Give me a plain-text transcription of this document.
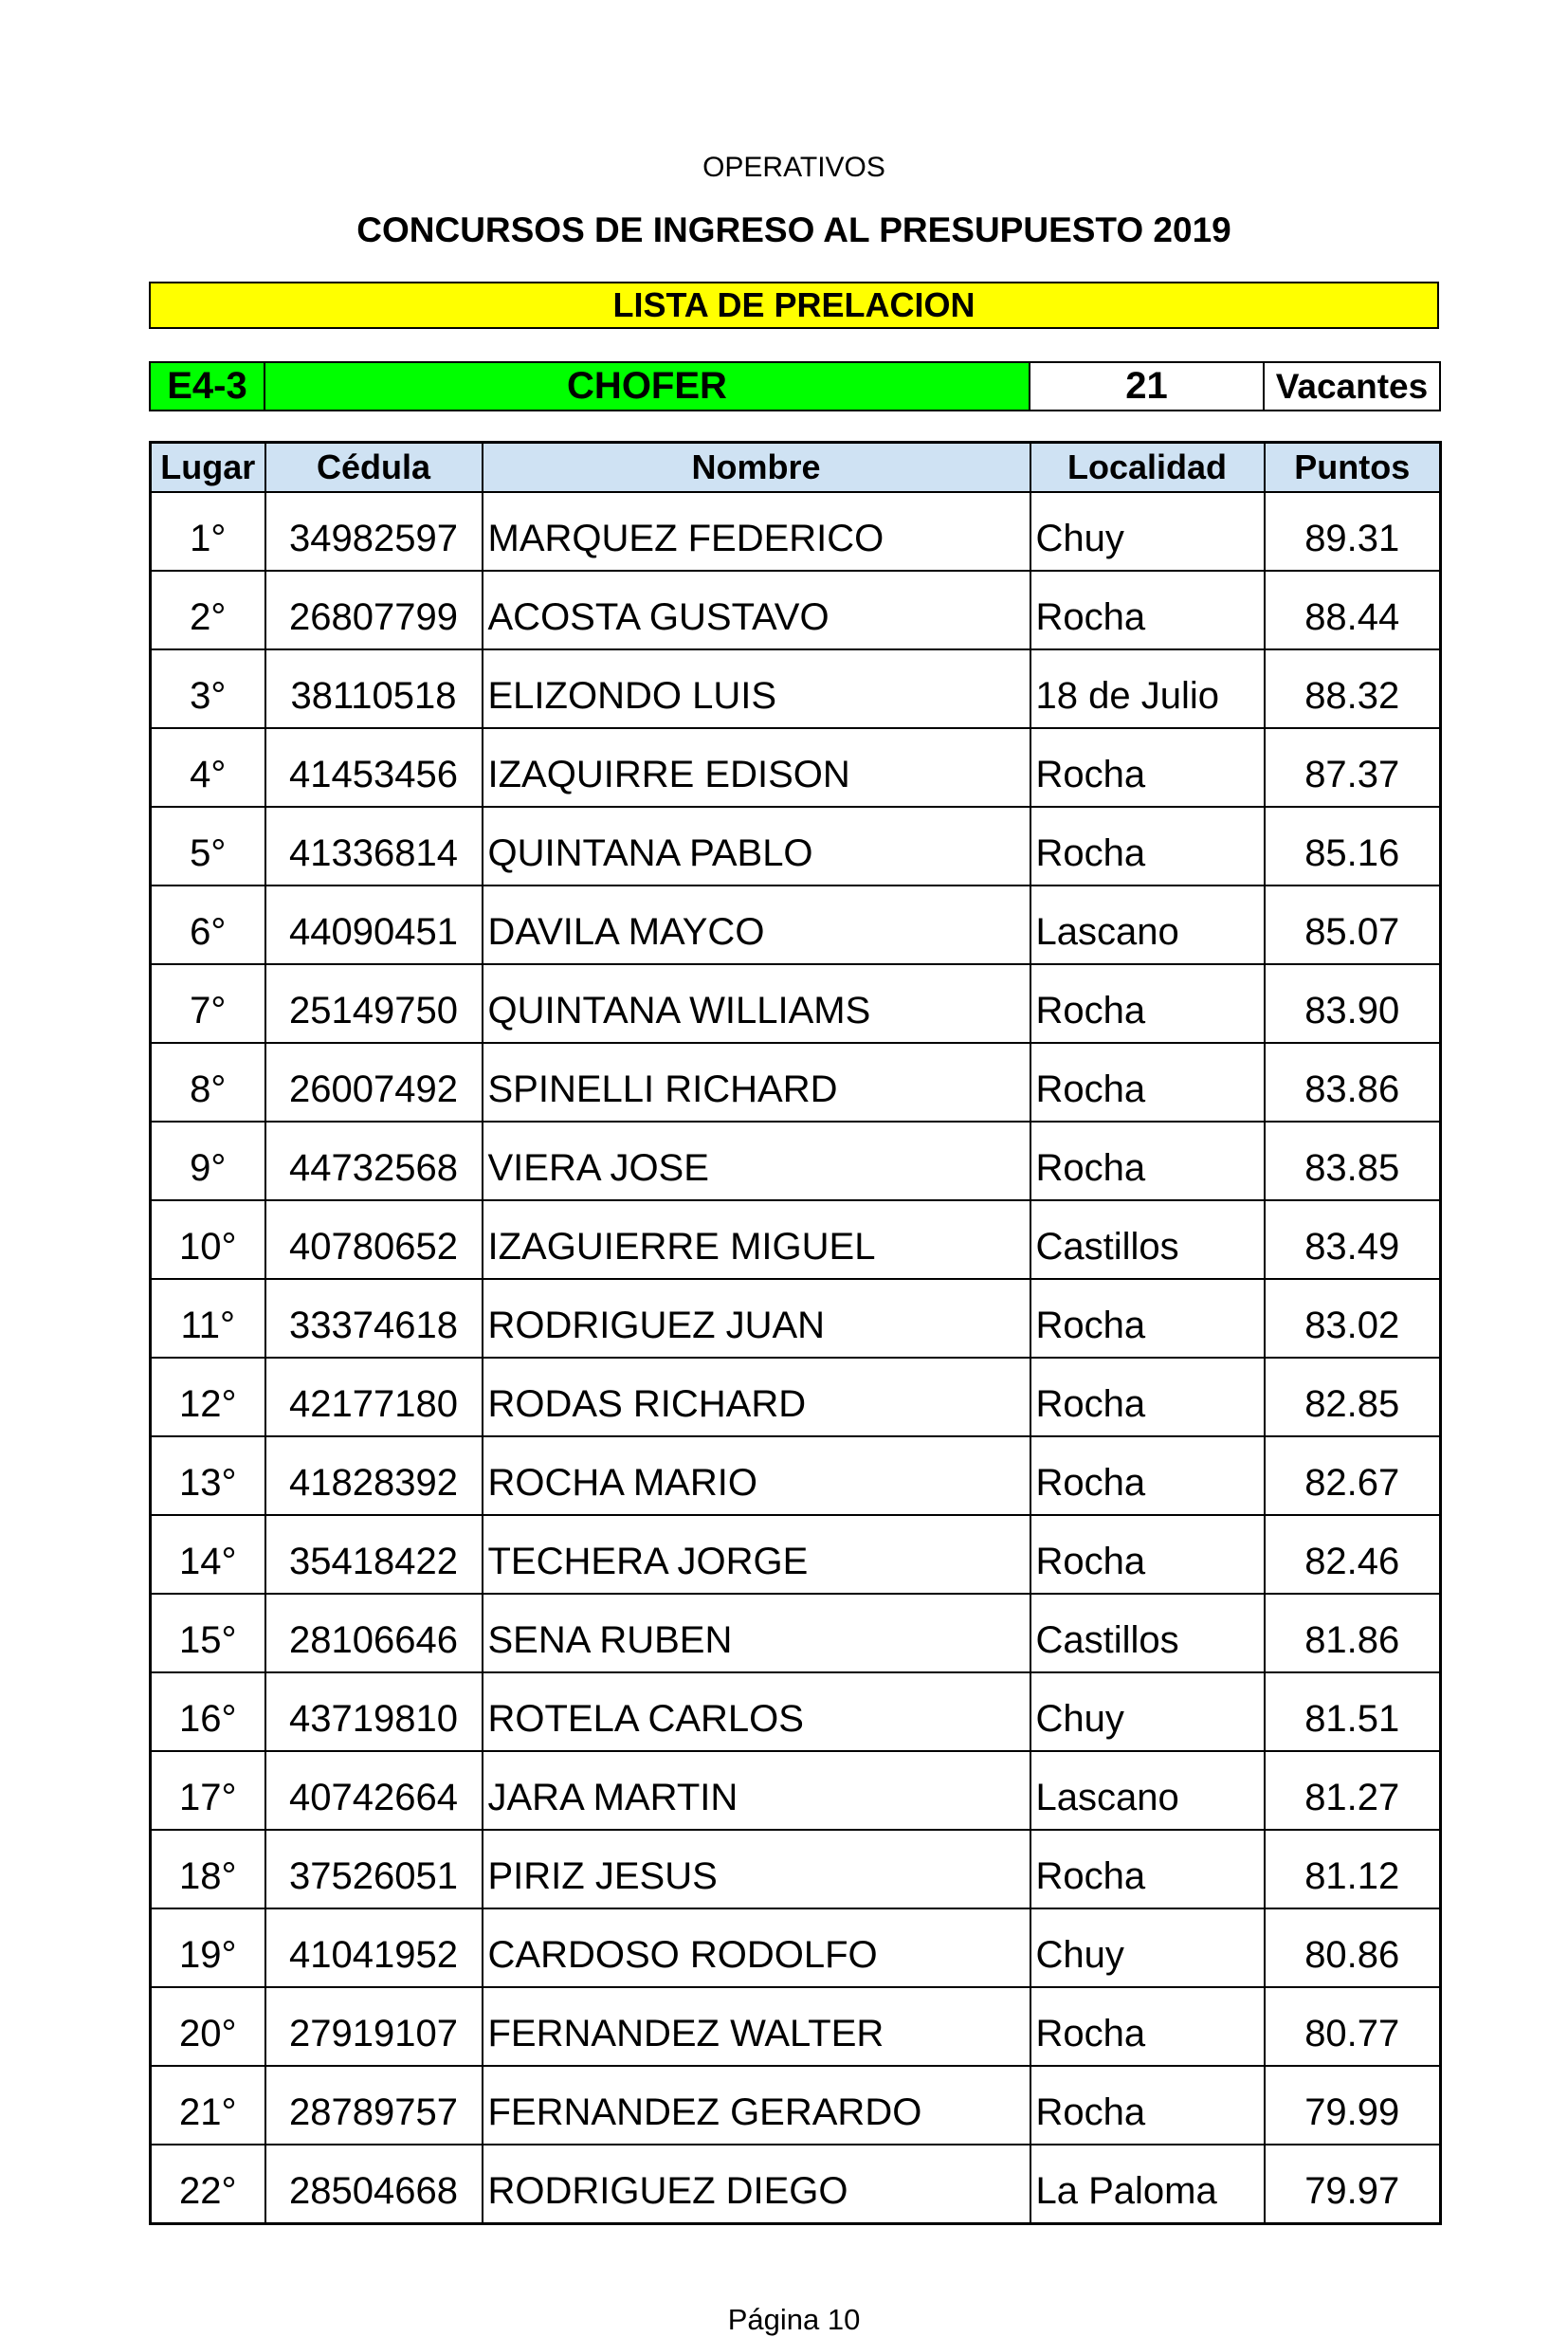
OPERATIVOS
CONCURSOS DE INGRESO AL PRESUPUESTO 2019
LISTA DE PRELACION
E4-3	CHOFER	21	Vacantes
Lugar	Cédula	Nombre	Localidad	Puntos
1°	34982597	MARQUEZ FEDERICO	Chuy	89.31
2°	26807799	ACOSTA GUSTAVO	Rocha	88.44
3°	38110518	ELIZONDO LUIS	18 de Julio	88.32
4°	41453456	IZAQUIRRE EDISON	Rocha	87.37
5°	41336814	QUINTANA PABLO	Rocha	85.16
6°	44090451	DAVILA MAYCO	Lascano	85.07
7°	25149750	QUINTANA WILLIAMS	Rocha	83.90
8°	26007492	SPINELLI RICHARD	Rocha	83.86
9°	44732568	VIERA JOSE	Rocha	83.85
10°	40780652	IZAGUIERRE MIGUEL	Castillos	83.49
11°	33374618	RODRIGUEZ JUAN	Rocha	83.02
12°	42177180	RODAS RICHARD	Rocha	82.85
13°	41828392	ROCHA MARIO	Rocha	82.67
14°	35418422	TECHERA JORGE	Rocha	82.46
15°	28106646	SENA RUBEN	Castillos	81.86
16°	43719810	ROTELA CARLOS	Chuy	81.51
17°	40742664	JARA MARTIN	Lascano	81.27
18°	37526051	PIRIZ JESUS	Rocha	81.12
19°	41041952	CARDOSO RODOLFO	Chuy	80.86
20°	27919107	FERNANDEZ WALTER	Rocha	80.77
21°	28789757	FERNANDEZ GERARDO	Rocha	79.99
22°	28504668	RODRIGUEZ DIEGO	La Paloma	79.97
Página 10
